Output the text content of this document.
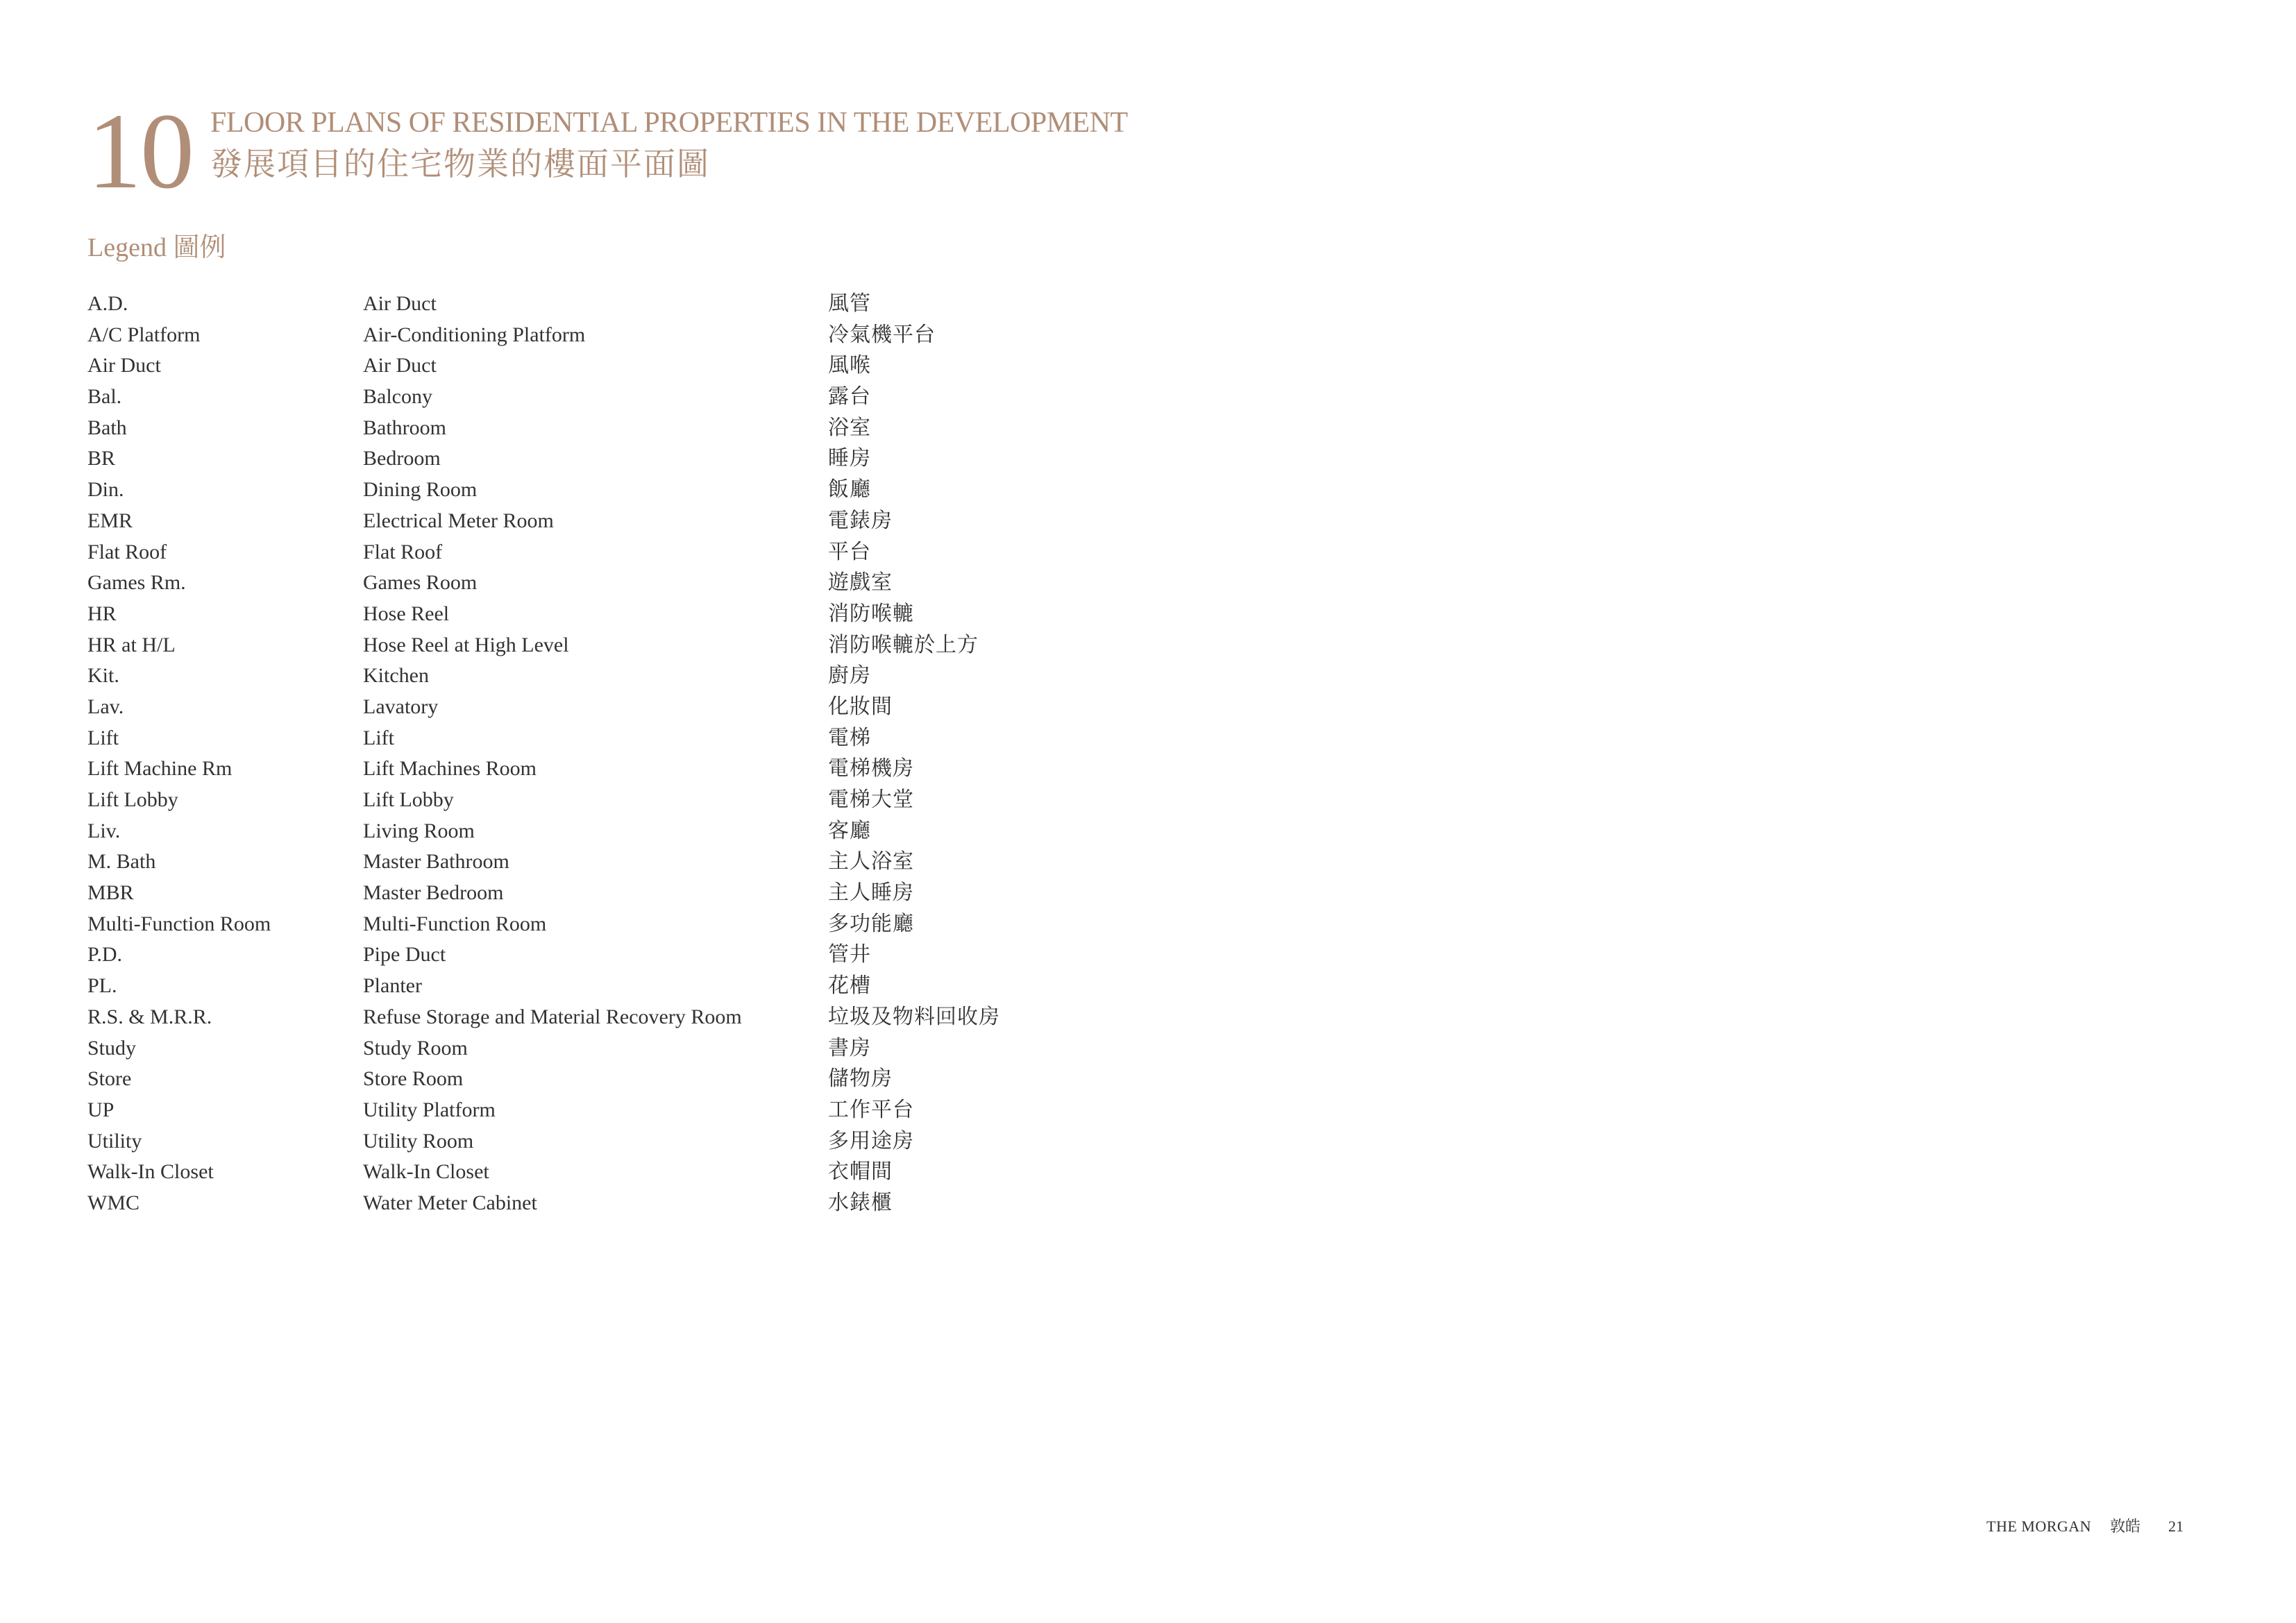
10 FLOOR PLANS OF RESIDENTIAL PROPERTIES IN THE DEVELOPMENT
發展項目的住宅物業的樓面平面圖
Legend 圖例
A.D.	Air Duct	風管
A/C Platform	Air-Conditioning Platform	冷氣機平台
Air Duct	Air Duct	風喉
Bal.	Balcony	露台
Bath	Bathroom	浴室
BR	Bedroom	睡房
Din.	Dining Room	飯廳
EMR	Electrical Meter Room	電錶房
Flat Roof	Flat Roof	平台
Games Rm.	Games Room	遊戲室
HR	Hose Reel	消防喉轆
HR at H/L	Hose Reel at High Level	消防喉轆於上方
Kit.	Kitchen	廚房
Lav.	Lavatory	化妝間
Lift	Lift	電梯
Lift Machine Rm	Lift Machines Room	電梯機房
Lift Lobby	Lift Lobby	電梯大堂
Liv.	Living Room	客廳
M. Bath	Master Bathroom	主人浴室
MBR	Master Bedroom	主人睡房
Multi-Function Room	Multi-Function Room	多功能廳
P.D.	Pipe Duct	管井
PL.	Planter	花槽
R.S. & M.R.R.	Refuse Storage and Material Recovery Room	垃圾及物料回收房
Study	Study Room	書房
Store	Store Room	儲物房
UP	Utility Platform	工作平台
Utility	Utility Room	多用途房
Walk-In Closet	Walk-In Closet	衣帽間
WMC	Water Meter Cabinet	水錶櫃
THE MORGAN 敦皓 21
